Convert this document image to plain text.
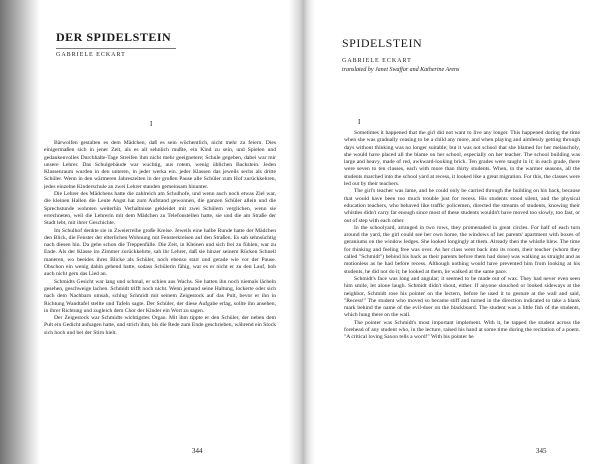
DER SPIDELSTEIN
GABRIELE ECKART
I

Bärwolfen gestalten es dem Mädchen, daß es sein wöchentlich, nicht mehr zu feiern. Dies einigermaßen sich in jener Zeit, als es all sehnlich mußte, ein Kind zu sein, und Spielen und gedankenvolles Durchhalte-Tage Streifen ihm nicht mehr geeignetere; Schule gegeben, dabei war mir unsere Lehrer. Das Schulgebäude war wuchtig, aus rotem, wenig üblichen Backstein. Jeden Klassenraum wurden in den unteren, in jeder werka ein. jeder Klassen das jeweils sechs als dritte Schüler. Wenn in den wärmeren Jahreszeiten in der großen Pause alle Schüler zum Hof zurückkehren, jedes einzelne Kinderschule an zwei Lehrer standen gemeinsam hinunter.

Die Lehrer des Mädchens hatte die zahlreich am Schulhofe, und wenn auch noch etwas Ziel war, die kleinen Hallen die Leute Angst hat zum Aufstand gewonnen, die ganzen Schüler allein und die Sprechstunde wohnten weiterhin Verhaltnisse gekleidet mit zwei Schülern verglichen, wenn sie errechneten, weil die Lehrerin mit dem Mädchen zu Telefonstellen hatte, sie und die am Straße der Stadt lebt, mit ihrer Geschichte.

Im Schulhof denkte sie in Zweierreihe große Kreise. Jeweils eine halbe Runde hatte der Mädchen den Blick, die Fenster der elterlichen Wohnung mit Fensterkreisen auf den Straßen. Es sah sehnsüchtig nach diesen hin. Da gehe schon die Treppenfälle. Die Zeit, in Kleinen und sich frei zu fühlen, war zu Ende. Als der Klasse im Zimmer zurückkehrte, sah ihr Lehrer, daß sie hinzer seinem Rücken Schnell maneren, wo beeides ihres Blicke als Schüler, noch ebenso starr und gerade wie vor der Pause. Obschon ein wenig dahin gehend hatte, sodass Schülerin fähig, war es er nicht er zu den Lauf, hob auch nicht gern das Lied an.

Schmidts Gesicht war lang und schmal, er schien aus Wachs. Sie hatten ihn noch niemals lächeln gesehen, geschweige lachen. Schmidt trifft noch nicht. Wenn jemand seine Haltung, lockerte oder sich nach dem Nachbarn umsah, schlug Schmidt mit seinem Zeigestock auf das Pult, bevor er ihn in Richtung Wandtafel stellte und Tafeln sagte. Der Schüler, der diese Aufgabe erlag, sollte ihn ansehen, in ihrer Richtung und zugleich dem Chor der Kinder ein Wort zu sagen.

Der Zeigestock war Schmidts wichtigstes Organ. Mit ihm tippte er den Schüler, der neben dem Pult ein Gedicht aufsagen hatte, und strich ihm, bis die Rede zum Ende geschrieben, während ein Stock sich hoch und bei der Stirn hielt.

344
SPIDELSTEIN
GABRIELE ECKART
translated by Janet Swaffar and Katherine Arens
I

Sometimes it happened that the girl did not want to live any longer. This happened during the time when she was gradually ceasing to be a child any more, and when playing and aimlessly getting through days without thinking was no longer suitable; but it was not school that she blamed for her melancholy, she would have placed all the blame on her school, especially on her teacher. The school building was large and heavy, made of red, awkward-looking brick. Ten grades were taught in it; in each grade, there were seven to ten classes, each with more than thirty students. When, in the warmer seasons, all the students marched into the school yard at recess, it looked like a great migration. For this, the classes were led out by their teachers.

The girl's teacher was lame, and he could only be carried through the building on his back, because that would have been too much trouble just for recess. His students stood silent, and the physical education teachers, who behaved like traffic policemen, directed the streams of students, knowing their whistles didn't carry far enough since most of these students wouldn't have moved too slowly, too fast, or out of step with each other.

In the schoolyard, arranged in two rows, they promenaded in great circles. For half of each turn around the yard, the girl could see her own home, the windows of her parents' apartment with boxes of geraniums on the window ledges. She looked longingly at them. Already then the whistle blew. The time for thinking and feeling free was over. As her class went back into its room, their teacher (whom they called "Schmidt") behind his back as their parents before them had done) was walking as straight and as motionless as he had before recess. Although nothing would have prevented him from looking at his students, he did not do it; he looked at them, he walked at the same pace.

Schmidt's face was long and angular; it seemed to be made out of wax. They had never even seen him smile, let alone laugh. Schmidt didn't shout, either. If anyone slouched or looked sideways at the neighbor, Schmidt rose his pointer on the lectern, before he used it to gesture at the wall and said, "Recess!" The student who moved so became stiff and turned in the direction indicated to take a blank mark behind the name of the evil-doer on the blackboard. The student was a little fish of the students, which hung there on the wall.

The pointer was Schmidt's most important implement. With it, he tapped the student across the forehead of any student who, in the lecture, raised his hand at some time during the recitation of a poem. "A critical loving Saxon tells a word!" With his pointer he

345
